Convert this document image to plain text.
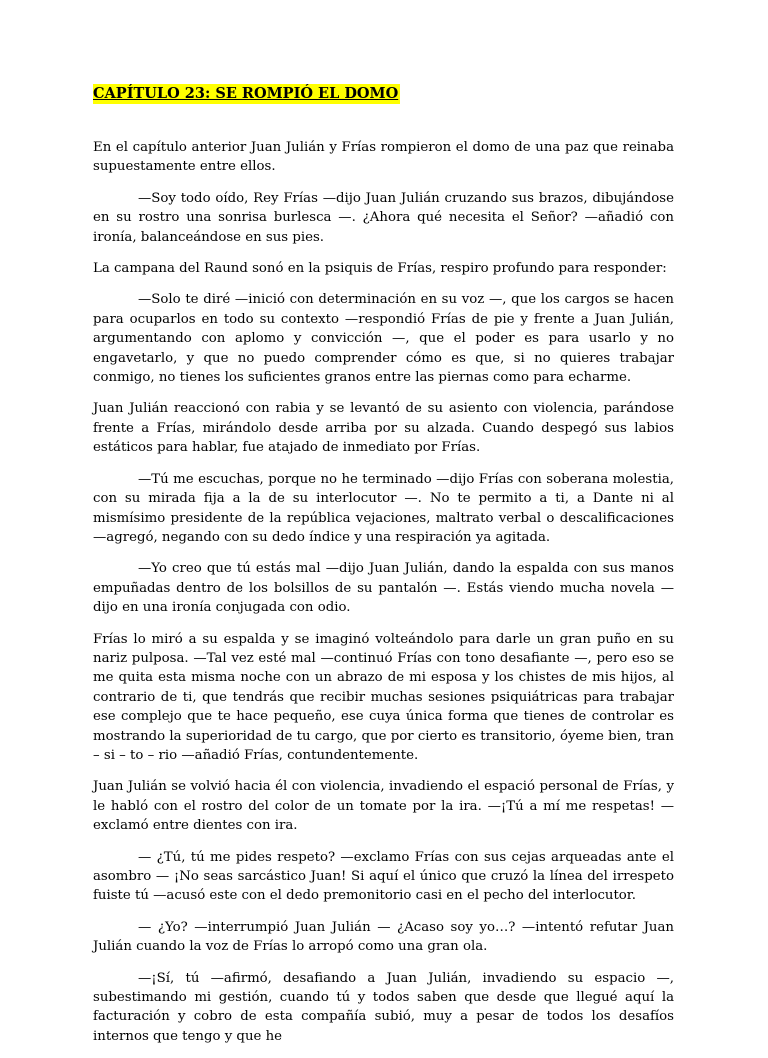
CAPÍTULO 23: SE ROMPIÓ EL DOMO

En el capítulo anterior Juan Julián y Frías rompieron el domo de una paz que reinaba supuestamente entre ellos.

—Soy todo oído, Rey Frías —dijo Juan Julián cruzando sus brazos, dibujándose en su rostro una sonrisa burlesca —. ¿Ahora qué necesita el Señor? —añadió con ironía, balanceándose en sus pies.

La campana del Raund sonó en la psiquis de Frías, respiro profundo para responder:

—Solo te diré —inició con determinación en su voz —, que los cargos se hacen para ocuparlos en todo su contexto —respondió Frías de pie y frente a Juan Julián, argumentando con aplomo y convicción —, que el poder es para usarlo y no engavetarlo, y que no puedo comprender cómo es que, si no quieres trabajar conmigo, no tienes los suficientes granos entre las piernas como para echarme.

Juan Julián reaccionó con rabia y se levantó de su asiento con violencia, parándose frente a Frías, mirándolo desde arriba por su alzada. Cuando despegó sus labios estáticos para hablar, fue atajado de inmediato por Frías.

—Tú me escuchas, porque no he terminado —dijo Frías con soberana molestia, con su mirada fija a la de su interlocutor —. No te permito a ti, a Dante ni al mismísimo presidente de la república vejaciones, maltrato verbal o descalificaciones —agregó, negando con su dedo índice y una respiración ya agitada.

—Yo creo que tú estás mal —dijo Juan Julián, dando la espalda con sus manos empuñadas dentro de los bolsillos de su pantalón —. Estás viendo mucha novela —dijo en una ironía conjugada con odio.

Frías lo miró a su espalda y se imaginó volteándolo para darle un gran puño en su nariz pulposa. —Tal vez esté mal —continuó Frías con tono desafiante —, pero eso se me quita esta misma noche con un abrazo de mi esposa y los chistes de mis hijos, al contrario de ti, que tendrás que recibir muchas sesiones psiquiátricas para trabajar ese complejo que te hace pequeño, ese cuya única forma que tienes de controlar es mostrando la superioridad de tu cargo, que por cierto es transitorio, óyeme bien, tran – si – to – rio —añadió Frías, contundentemente.

Juan Julián se volvió hacia él con violencia, invadiendo el espació personal de Frías, y le habló con el rostro del color de un tomate por la ira. —¡Tú a mí me respetas! —exclamó entre dientes con ira.

— ¿Tú, tú me pides respeto? —exclamo Frías con sus cejas arqueadas ante el asombro — ¡No seas sarcástico Juan! Si aquí el único que cruzó la línea del irrespeto fuiste tú —acusó este con el dedo premonitorio casi en el pecho del interlocutor.

— ¿Yo? —interrumpió Juan Julián — ¿Acaso soy yo…? —intentó refutar Juan Julián cuando la voz de Frías lo arropó como una gran ola.

—¡Sí, tú —afirmó, desafiando a Juan Julián, invadiendo su espacio —, subestimando mi gestión, cuando tú y todos saben que desde que llegué aquí la facturación y cobro de esta compañía subió, muy a pesar de todos los desafíos internos que tengo y que he
